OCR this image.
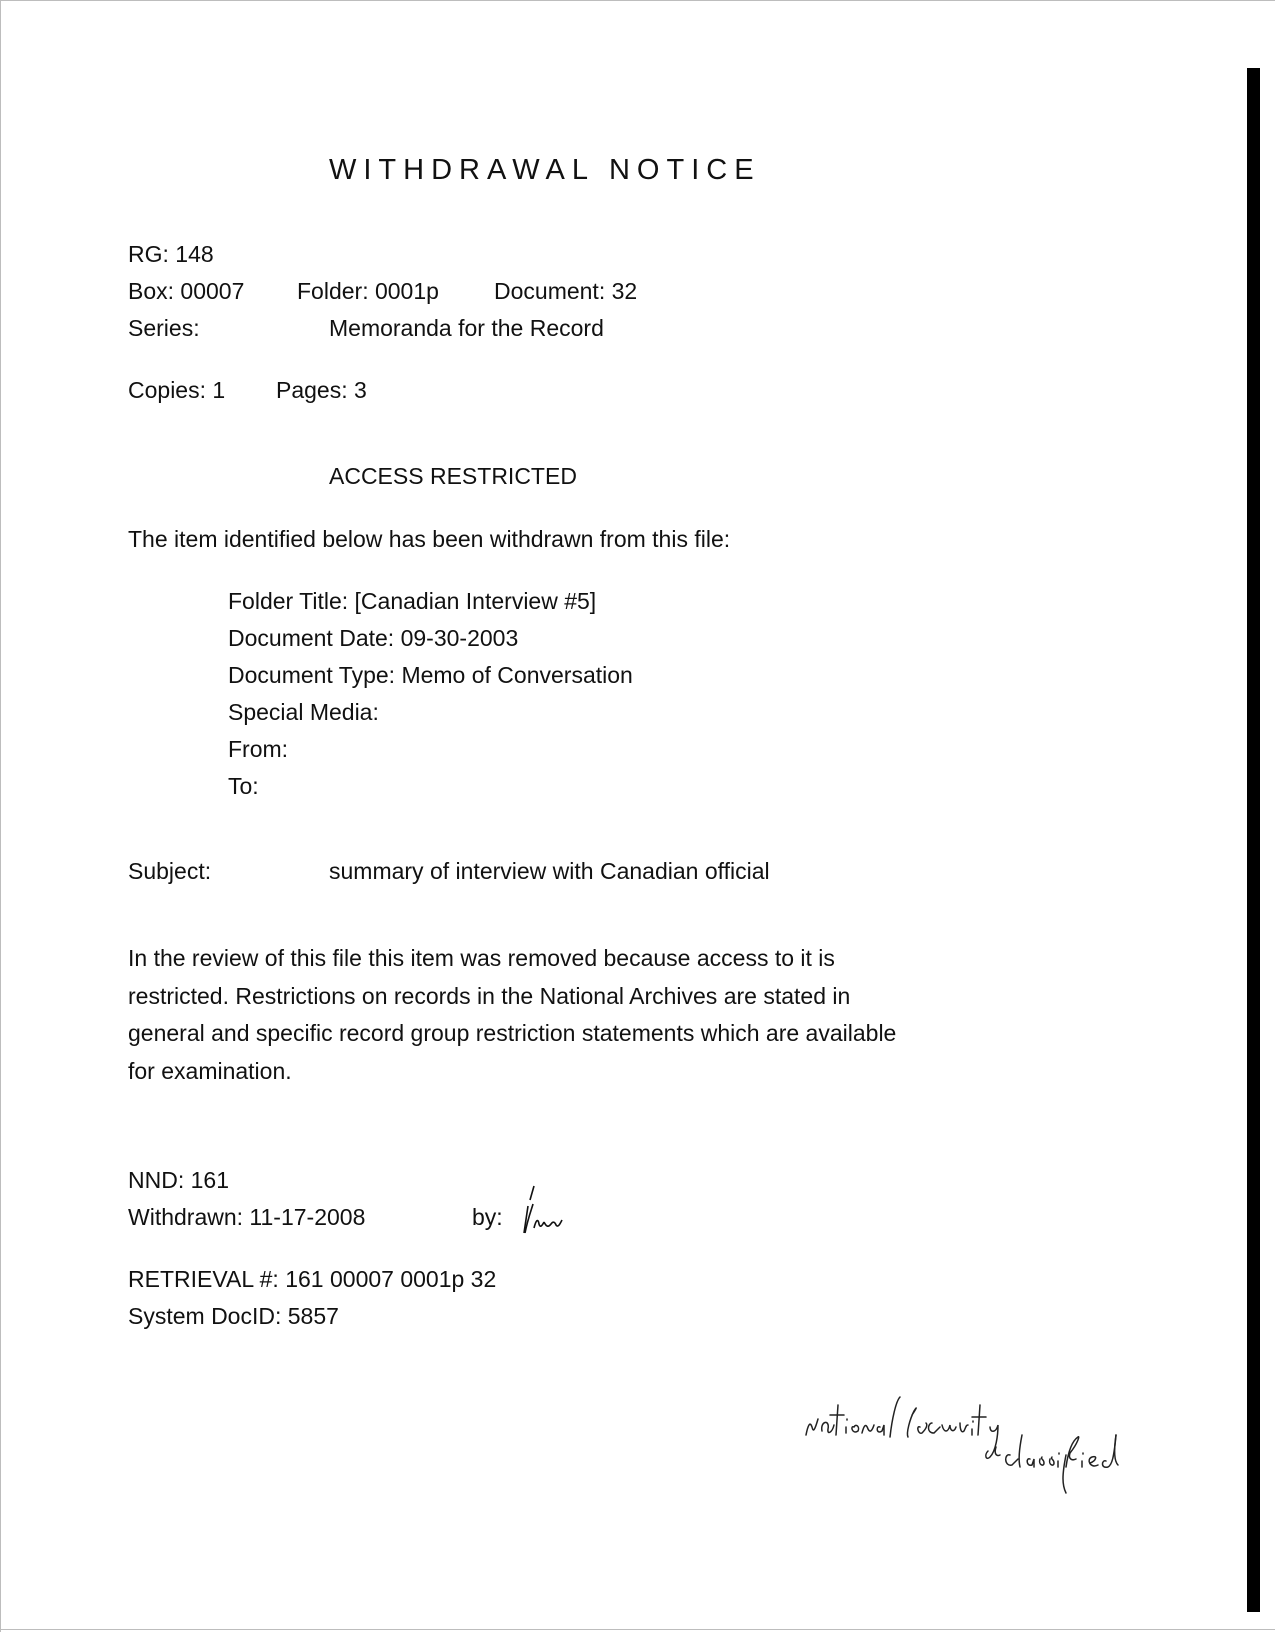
WITHDRAWAL NOTICE
RG: 148
Box: 00007 Folder: 0001p Document: 32
Series:	Memoranda for the Record
Copies: 1 Pages: 3
ACCESS RESTRICTED
The item identified below has been withdrawn from this file:
Folder Title: [Canadian Interview #5]
Document Date: 09-30-2003
Document Type: Memo of Conversation
Special Media:
From:
To:
Subject:	summary of interview with Canadian official
In the review of this file this item was removed because access to it is
restricted. Restrictions on records in the National Archives are stated in
general and specific record group restriction statements which are available
for examination.
NND: 161
Withdrawn: 11-17-2008	by:
RETRIEVAL #: 161 00007 0001p 32
System DocID: 5857
